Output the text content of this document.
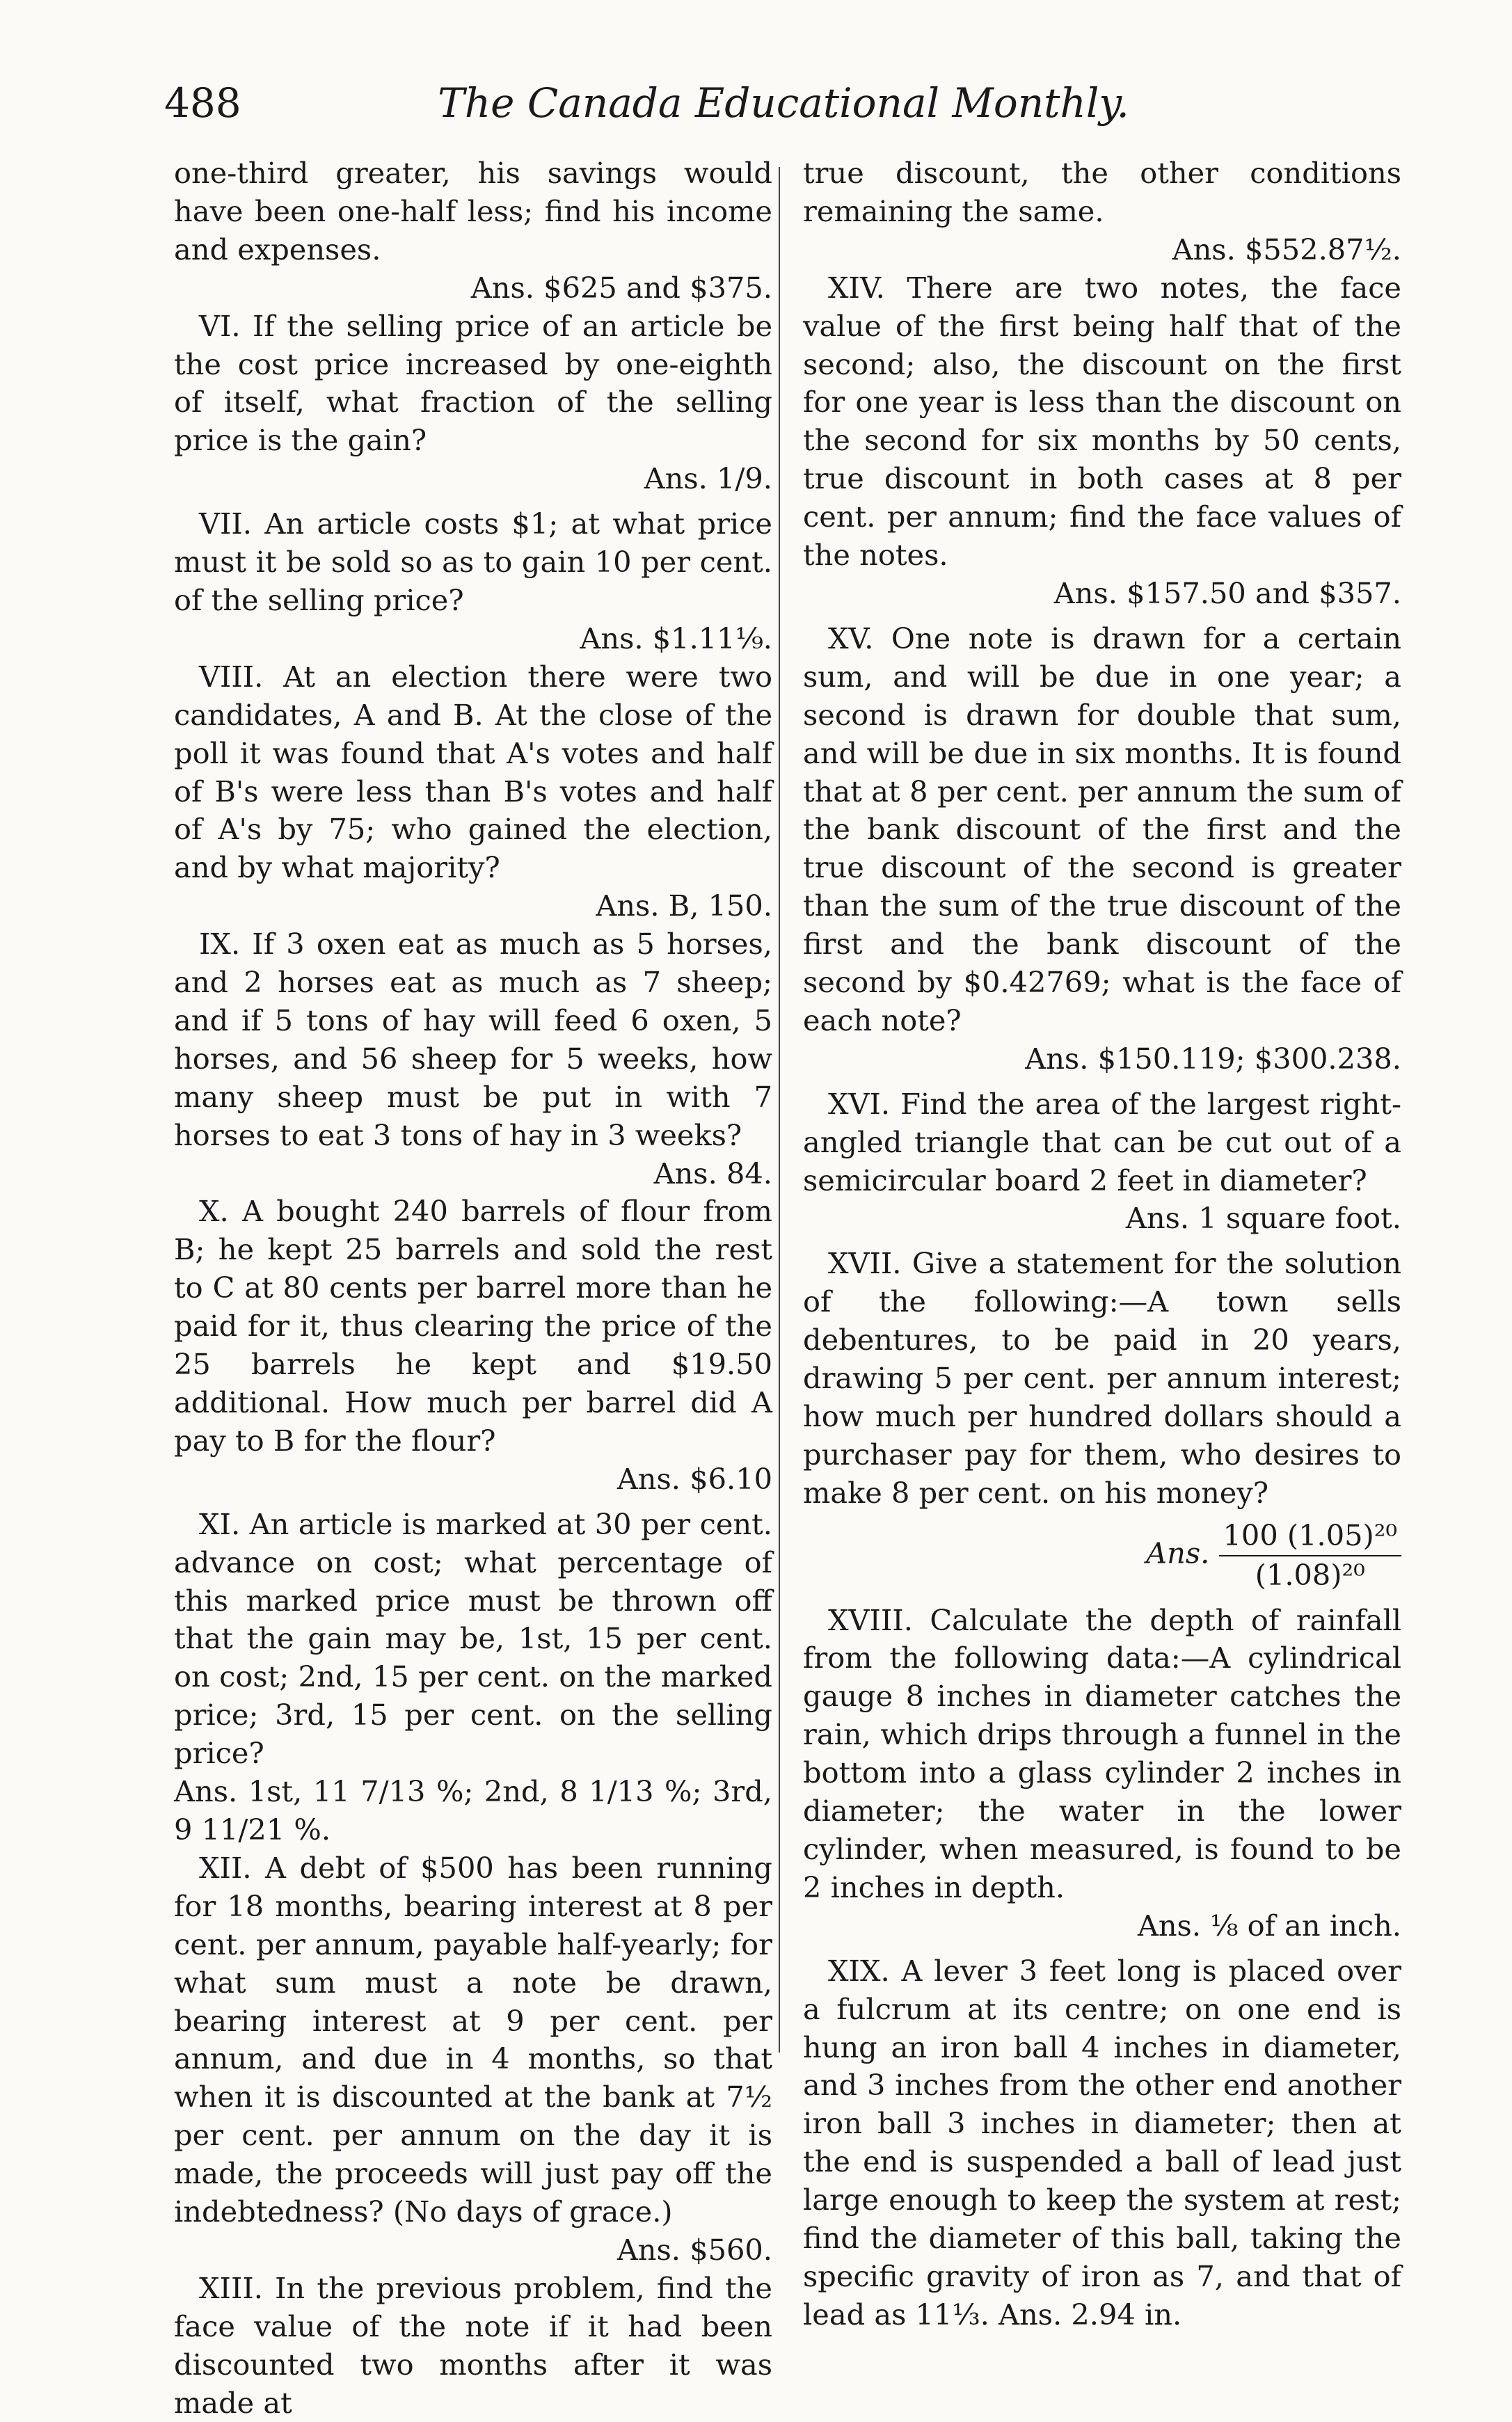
488	The Canada Educational Monthly.

one-third greater, his savings would have been one-half less; find his income and expenses.

Ans. $625 and $375.

VI. If the selling price of an article be the cost price increased by one-eighth of itself, what fraction of the selling price is the gain?

Ans. 1/9.

VII. An article costs $1; at what price must it be sold so as to gain 10 per cent. of the selling price?

Ans. $1.11⅑.

VIII. At an election there were two candidates, A and B. At the close of the poll it was found that A's votes and half of B's were less than B's votes and half of A's by 75; who gained the election, and by what majority?

Ans. B, 150.

IX. If 3 oxen eat as much as 5 horses, and 2 horses eat as much as 7 sheep; and if 5 tons of hay will feed 6 oxen, 5 horses, and 56 sheep for 5 weeks, how many sheep must be put in with 7 horses to eat 3 tons of hay in 3 weeks?

Ans. 84.

X. A bought 240 barrels of flour from B; he kept 25 barrels and sold the rest to C at 80 cents per barrel more than he paid for it, thus clearing the price of the 25 barrels he kept and $19.50 additional. How much per barrel did A pay to B for the flour?

Ans. $6.10

XI. An article is marked at 30 per cent. advance on cost; what percentage of this marked price must be thrown off that the gain may be, 1st, 15 per cent. on cost; 2nd, 15 per cent. on the marked price; 3rd, 15 per cent. on the selling price?

Ans. 1st, 11 7/13 %; 2nd, 8 1/13 %; 3rd, 9 11/21 %.

XII. A debt of $500 has been running for 18 months, bearing interest at 8 per cent. per annum, payable half-yearly; for what sum must a note be drawn, bearing interest at 9 per cent. per annum, and due in 4 months, so that when it is discounted at the bank at 7½ per cent. per annum on the day it is made, the proceeds will just pay off the indebtedness? (No days of grace.)

Ans. $560.

XIII. In the previous problem, find the face value of the note if it had been discounted two months after it was made at

true discount, the other conditions remaining the same.

Ans. $552.87½.

XIV. There are two notes, the face value of the first being half that of the second; also, the discount on the first for one year is less than the discount on the second for six months by 50 cents, true discount in both cases at 8 per cent. per annum; find the face values of the notes.

Ans. $157.50 and $357.

XV. One note is drawn for a certain sum, and will be due in one year; a second is drawn for double that sum, and will be due in six months. It is found that at 8 per cent. per annum the sum of the bank discount of the first and the true discount of the second is greater than the sum of the true discount of the first and the bank discount of the second by $0.42769; what is the face of each note?

Ans. $150.119; $300.238.

XVI. Find the area of the largest right-angled triangle that can be cut out of a semicircular board 2 feet in diameter?

Ans. 1 square foot.

XVII. Give a statement for the solution of the following:—A town sells debentures, to be paid in 20 years, drawing 5 per cent. per annum interest; how much per hundred dollars should a purchaser pay for them, who desires to make 8 per cent. on his money?

Ans. $\frac{\text{100 (1.05)²⁰}}{\text{(1.08)²⁰}}$

XVIII. Calculate the depth of rainfall from the following data:—A cylindrical gauge 8 inches in diameter catches the rain, which drips through a funnel in the bottom into a glass cylinder 2 inches in diameter; the water in the lower cylinder, when measured, is found to be 2 inches in depth.

Ans. ⅛ of an inch.

XIX. A lever 3 feet long is placed over a fulcrum at its centre; on one end is hung an iron ball 4 inches in diameter, and 3 inches from the other end another iron ball 3 inches in diameter; then at the end is suspended a ball of lead just large enough to keep the system at rest; find the diameter of this ball, taking the specific gravity of iron as 7, and that of lead as 11⅓. Ans. 2.94 in.
